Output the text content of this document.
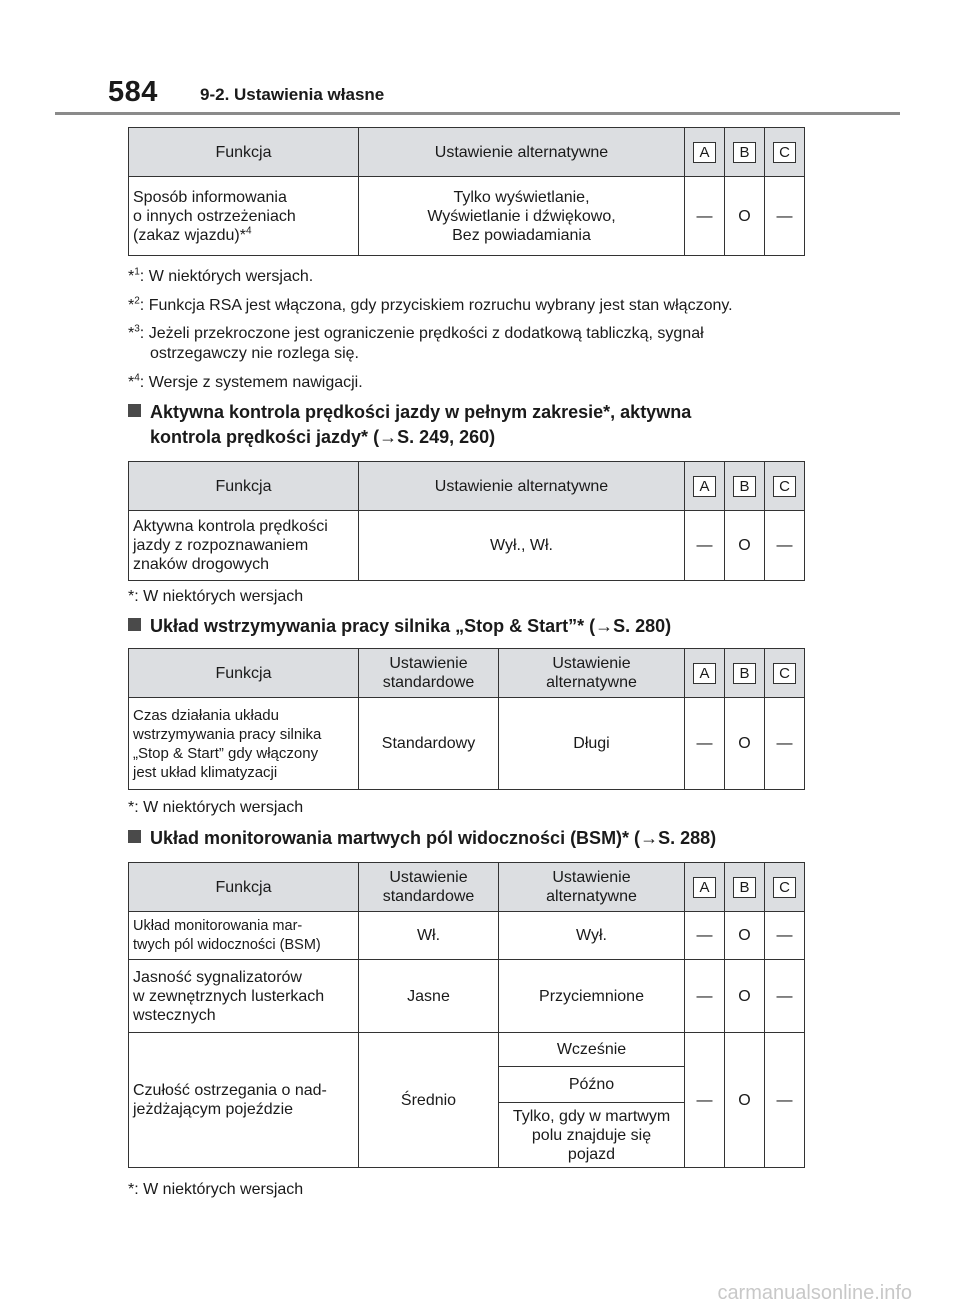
584 9-2. Ustawienia własne
Funkcja	Ustawienie alternatywne	A	B	C
Sposób informowania
o innych ostrzeżeniach
(zakaz wjazdu)*$^4$	Tylko wyświetlanie,
Wyświetlanie i dźwiękowo,
Bez powiadamiania	—	O	—
*$^1$: W niektórych wersjach.
*$^2$: Funkcja RSA jest włączona, gdy przyciskiem rozruchu wybrany jest stan włączony.
*$^3$: Jeżeli przekroczone jest ograniczenie prędkości z dodatkową tabliczką, sygnał
ostrzegawczy nie rozlega się.
*$^4$: Wersje z systemem nawigacji.
Aktywna kontrola prędkości jazdy w pełnym zakresie*, aktywna
kontrola prędkości jazdy* (→S. 249, 260)
Funkcja	Ustawienie alternatywne	A	B	C
Aktywna kontrola prędkości
jazdy z rozpoznawaniem
znaków drogowych	Wył., Wł.	—	O	—
*: W niektórych wersjach
Układ wstrzymywania pracy silnika „Stop & Start”* (→S. 280)
Funkcja	Ustawienie
standardowe	Ustawienie
alternatywne	A	B	C
Czas działania układu
wstrzymywania pracy silnika
„Stop & Start” gdy włączony
jest układ klimatyzacji	Standardowy	Długi	—	O	—
*: W niektórych wersjach
Układ monitorowania martwych pól widoczności (BSM)* (→S. 288)
Funkcja	Ustawienie
standardowe	Ustawienie
alternatywne	A	B	C
Układ monitorowania mar-
twych pól widoczności (BSM)	Wł.	Wył.	—	O	—
Jasność sygnalizatorów
w zewnętrznych lusterkach
wstecznych	Jasne	Przyciemnione	—	O	—
Czułość ostrzegania o nad-
jeżdżającym pojeździe	Średnio	Wcześnie	—	O	—
		Późno			
		Tylko, gdy w martwym
polu znajduje się
pojazd			
*: W niektórych wersjach
carmanualsonline.info
